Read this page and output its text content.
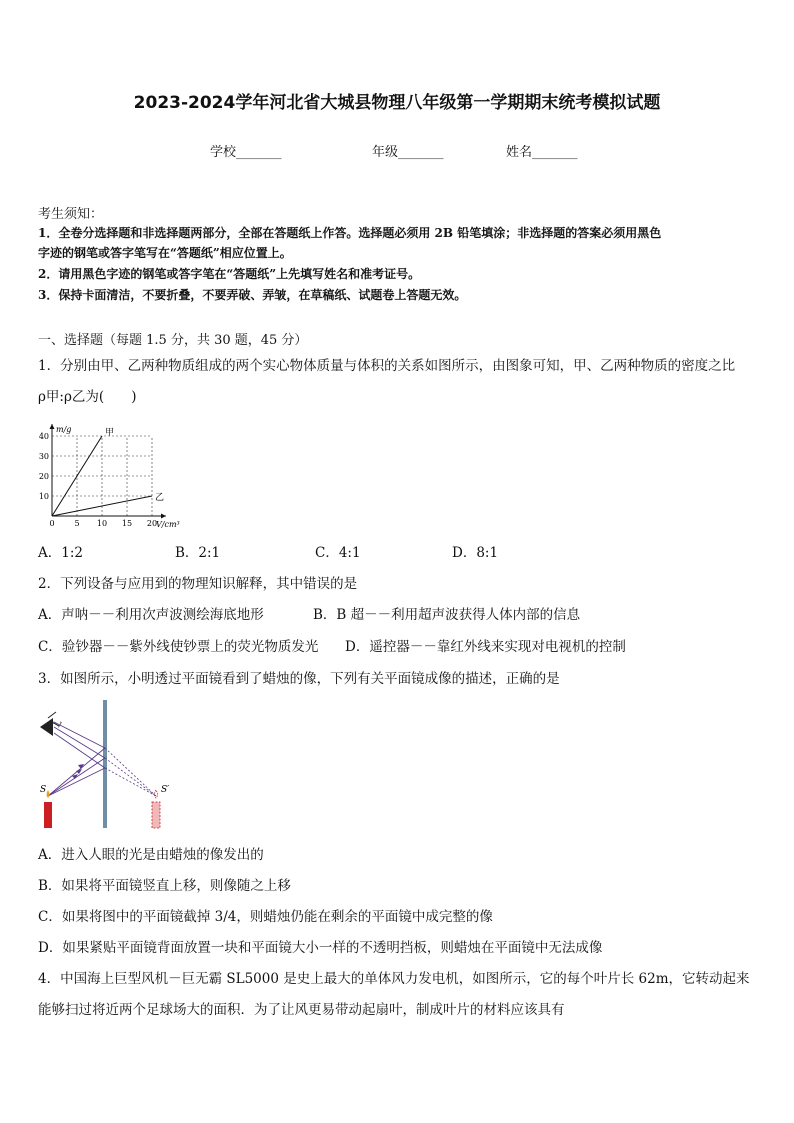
2023-2024学年河北省大城县物理八年级第一学期期末统考模拟试题
学校_______	年级_______	姓名_______
考生须知：
1．全卷分选择题和非选择题两部分，全部在答题纸上作答。选择题必须用 2B 铅笔填涂；非选择题的答案必须用黑色
字迹的钢笔或答字笔写在“答题纸”相应位置上。
2．请用黑色字迹的钢笔或答字笔在“答题纸”上先填写姓名和准考证号。
3．保持卡面清洁，不要折叠，不要弄破、弄皱，在草稿纸、试题卷上答题无效。
一、选择题（每题 1.5 分，共 30 题，45 分）
1．分别由甲、乙两种物质组成的两个实心物体质量与体积的关系如图所示，由图象可知，甲、乙两种物质的密度之比
ρ甲:ρ乙为(　　)
0 5 10 15 20
10
20
30
40	甲
乙
m/g
V/cm³
A．1:2	B．2:1	C．4:1	D．8:1
2．下列设备与应用到的物理知识解释，其中错误的是
A．声呐－－利用次声波测绘海底地形	B．B 超－－利用超声波获得人体内部的信息
C．验钞器－－紫外线使钞票上的荧光物质发光 D．遥控器－－靠红外线来实现对电视机的控制
3．如图所示，小明透过平面镜看到了蜡烛的像，下列有关平面镜成像的描述，正确的是
L
S	S′
A．进入人眼的光是由蜡烛的像发出的
B．如果将平面镜竖直上移，则像随之上移
C．如果将图中的平面镜截掉 3/4，则蜡烛仍能在剩余的平面镜中成完整的像
D．如果紧贴平面镜背面放置一块和平面镜大小一样的不透明挡板，则蜡烛在平面镜中无法成像
4．中国海上巨型风机－巨无霸 SL5000 是史上最大的单体风力发电机，如图所示，它的每个叶片长 62m，它转动起来
能够扫过将近两个足球场大的面积．为了让风更易带动起扇叶，制成叶片的材料应该具有
